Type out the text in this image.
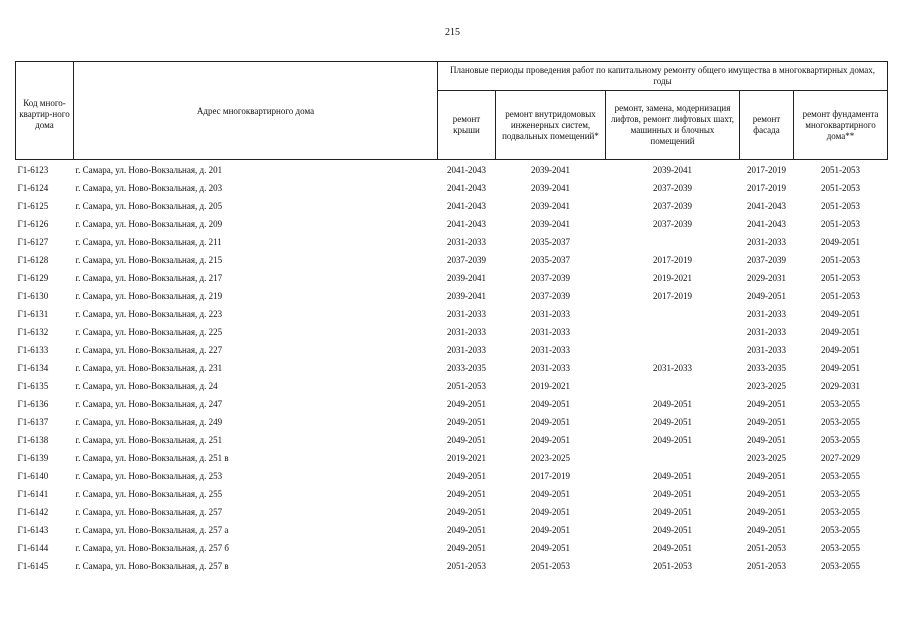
215
Код много-квартир-ного дома	Адрес многоквартирного дома	Плановые периоды проведения работ по капитальному ремонту общего имущества в многоквартирных домах, годы				
		ремонт крыши	ремонт внутридомовых инженерных систем, подвальных помещений*	ремонт, замена, модернизация лифтов, ремонт лифтовых шахт, машинных и блочных помещений	ремонт фасада	ремонт фундамента многоквартирного дома**
Г1-6123	г. Самара, ул. Ново-Вокзальная, д. 201	2041-2043	2039-2041	2039-2041	2017-2019	2051-2053
Г1-6124	г. Самара, ул. Ново-Вокзальная, д. 203	2041-2043	2039-2041	2037-2039	2017-2019	2051-2053
Г1-6125	г. Самара, ул. Ново-Вокзальная, д. 205	2041-2043	2039-2041	2037-2039	2041-2043	2051-2053
Г1-6126	г. Самара, ул. Ново-Вокзальная, д. 209	2041-2043	2039-2041	2037-2039	2041-2043	2051-2053
Г1-6127	г. Самара, ул. Ново-Вокзальная, д. 211	2031-2033	2035-2037		2031-2033	2049-2051
Г1-6128	г. Самара, ул. Ново-Вокзальная, д. 215	2037-2039	2035-2037	2017-2019	2037-2039	2051-2053
Г1-6129	г. Самара, ул. Ново-Вокзальная, д. 217	2039-2041	2037-2039	2019-2021	2029-2031	2051-2053
Г1-6130	г. Самара, ул. Ново-Вокзальная, д. 219	2039-2041	2037-2039	2017-2019	2049-2051	2051-2053
Г1-6131	г. Самара, ул. Ново-Вокзальная, д. 223	2031-2033	2031-2033		2031-2033	2049-2051
Г1-6132	г. Самара, ул. Ново-Вокзальная, д. 225	2031-2033	2031-2033		2031-2033	2049-2051
Г1-6133	г. Самара, ул. Ново-Вокзальная, д. 227	2031-2033	2031-2033		2031-2033	2049-2051
Г1-6134	г. Самара, ул. Ново-Вокзальная, д. 231	2033-2035	2031-2033	2031-2033	2033-2035	2049-2051
Г1-6135	г. Самара, ул. Ново-Вокзальная, д. 24	2051-2053	2019-2021		2023-2025	2029-2031
Г1-6136	г. Самара, ул. Ново-Вокзальная, д. 247	2049-2051	2049-2051	2049-2051	2049-2051	2053-2055
Г1-6137	г. Самара, ул. Ново-Вокзальная, д. 249	2049-2051	2049-2051	2049-2051	2049-2051	2053-2055
Г1-6138	г. Самара, ул. Ново-Вокзальная, д. 251	2049-2051	2049-2051	2049-2051	2049-2051	2053-2055
Г1-6139	г. Самара, ул. Ново-Вокзальная, д. 251 в	2019-2021	2023-2025		2023-2025	2027-2029
Г1-6140	г. Самара, ул. Ново-Вокзальная, д. 253	2049-2051	2017-2019	2049-2051	2049-2051	2053-2055
Г1-6141	г. Самара, ул. Ново-Вокзальная, д. 255	2049-2051	2049-2051	2049-2051	2049-2051	2053-2055
Г1-6142	г. Самара, ул. Ново-Вокзальная, д. 257	2049-2051	2049-2051	2049-2051	2049-2051	2053-2055
Г1-6143	г. Самара, ул. Ново-Вокзальная, д. 257 а	2049-2051	2049-2051	2049-2051	2049-2051	2053-2055
Г1-6144	г. Самара, ул. Ново-Вокзальная, д. 257 б	2049-2051	2049-2051	2049-2051	2051-2053	2053-2055
Г1-6145	г. Самара, ул. Ново-Вокзальная, д. 257 в	2051-2053	2051-2053	2051-2053	2051-2053	2053-2055
